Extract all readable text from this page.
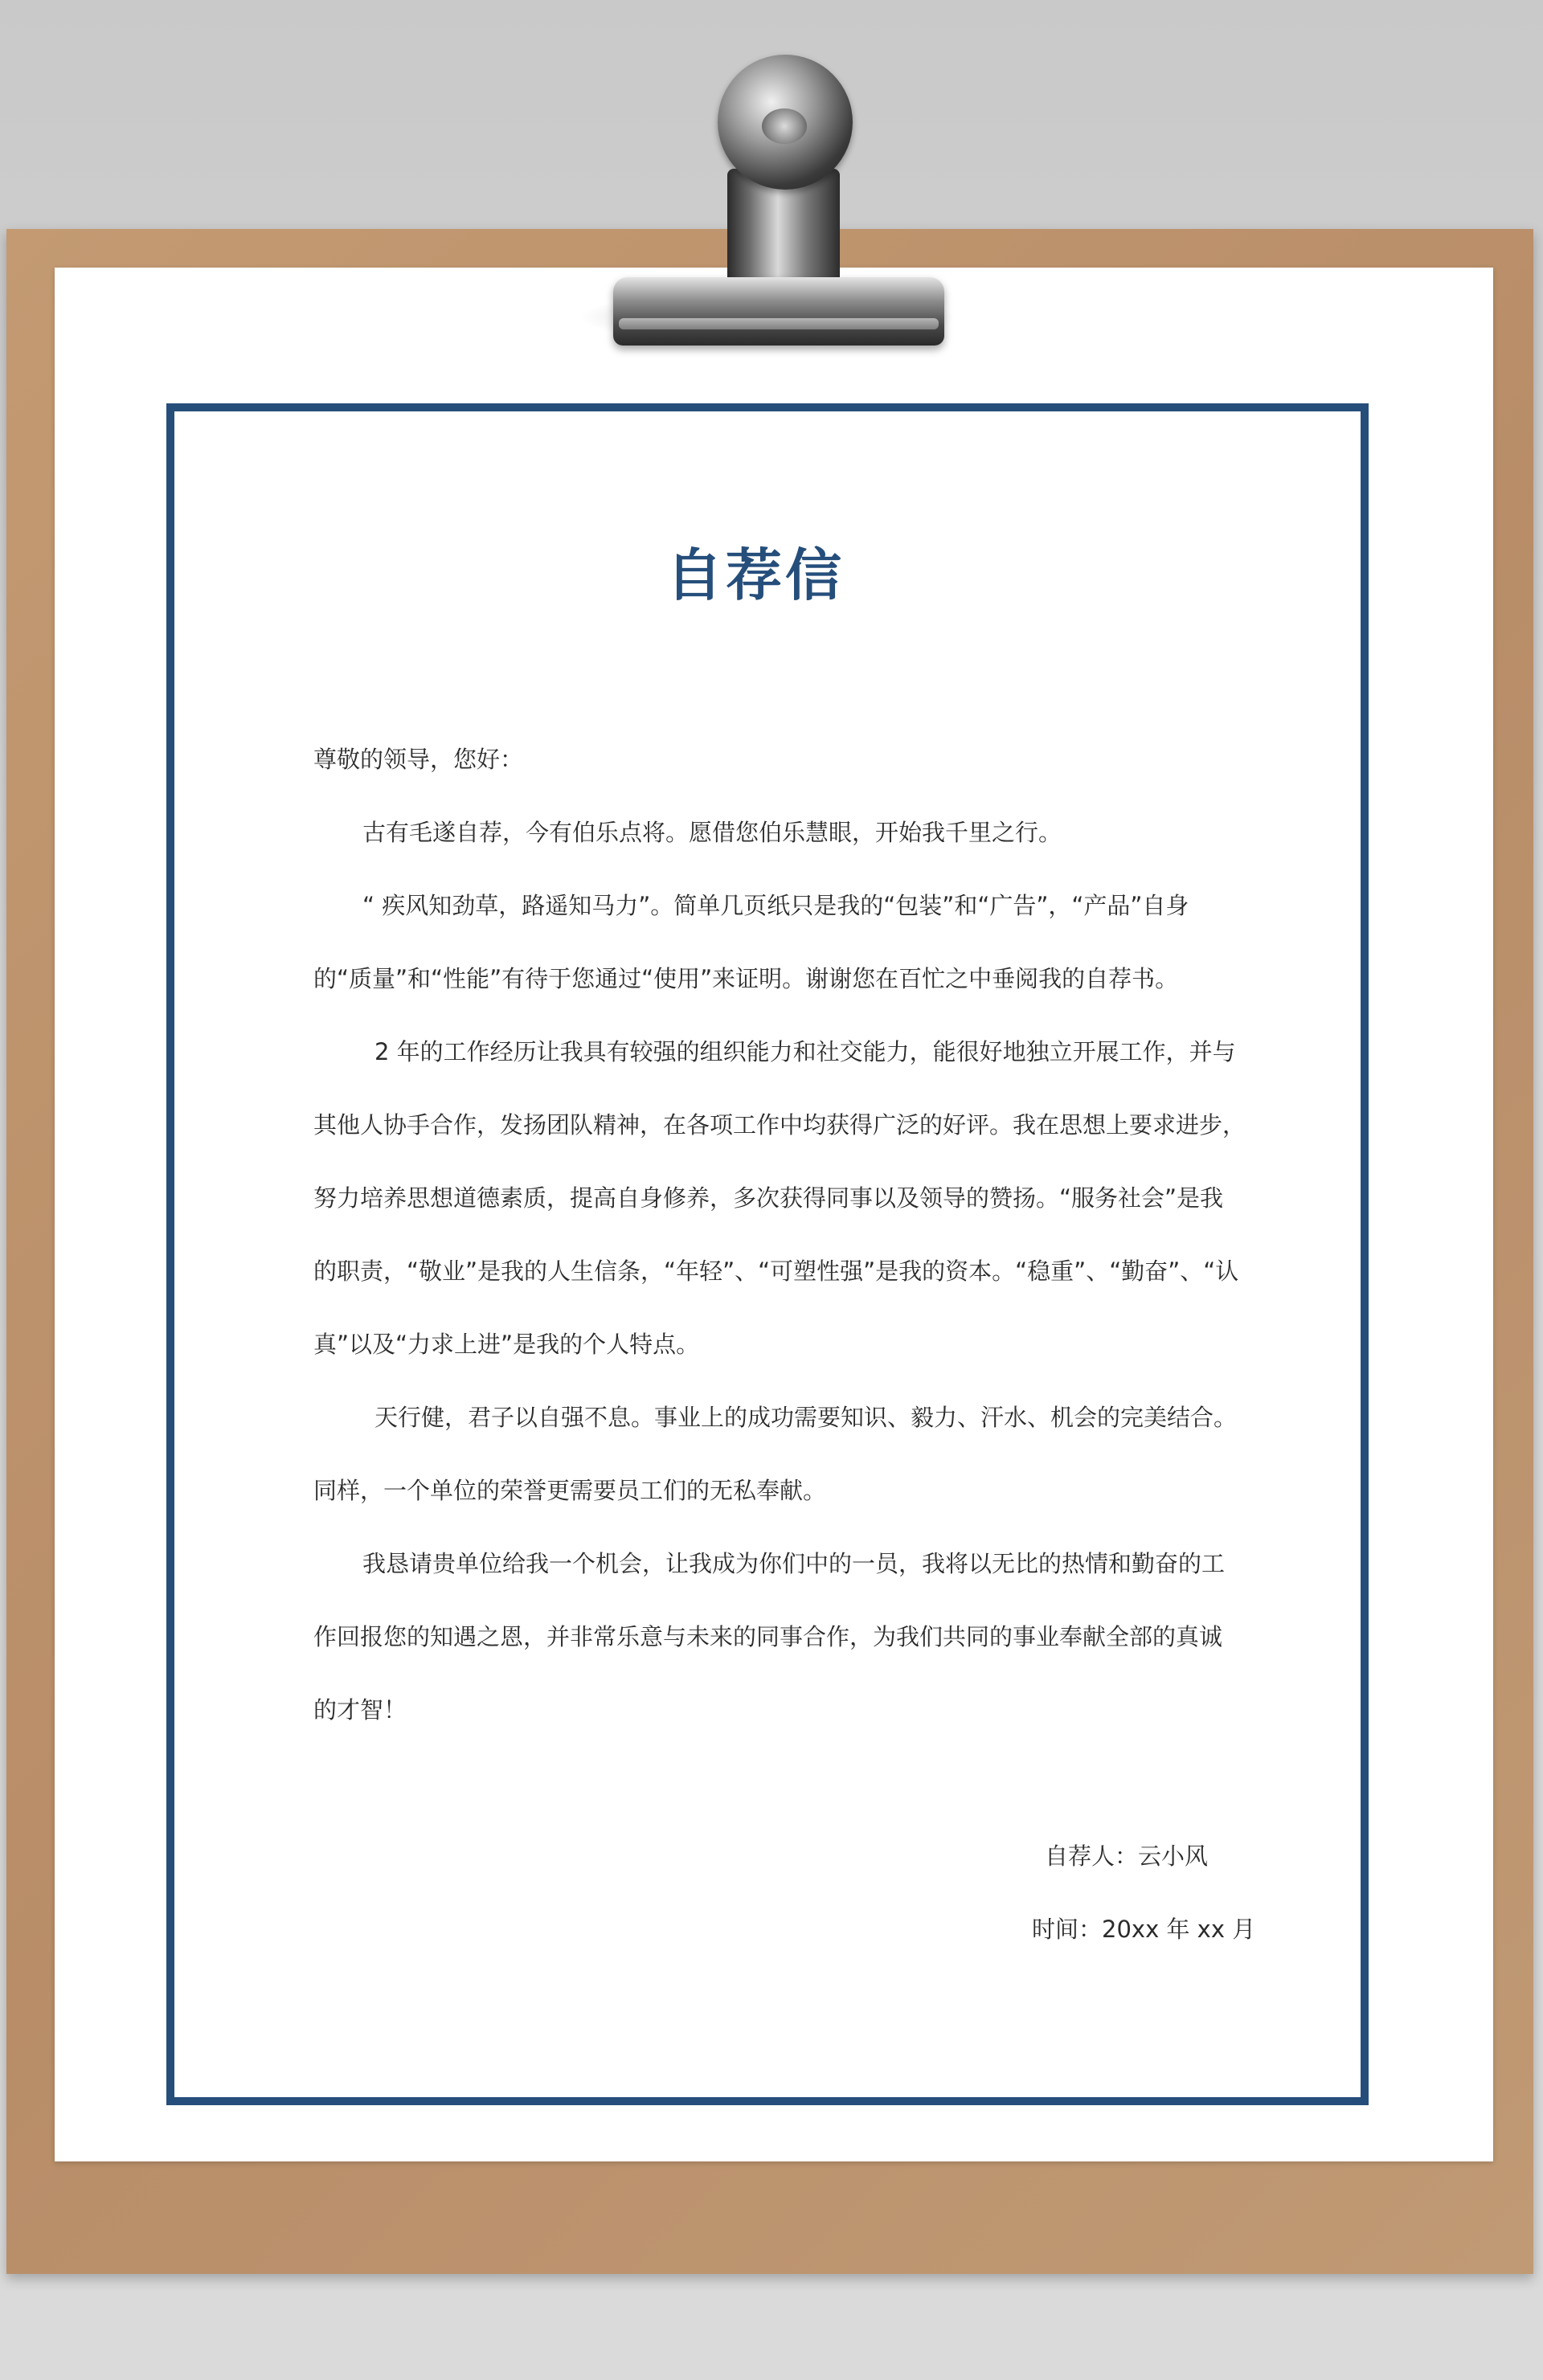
自荐信

尊敬的领导，您好：

古有毛遂自荐，今有伯乐点将。愿借您伯乐慧眼，开始我千里之行。

“ 疾风知劲草，路遥知马力”。简单几页纸只是我的“包装”和“广告”，“产品”自身

的“质量”和“性能”有待于您通过“使用”来证明。谢谢您在百忙之中垂阅我的自荐书。

2 年的工作经历让我具有较强的组织能力和社交能力，能很好地独立开展工作，并与

其他人协手合作，发扬团队精神，在各项工作中均获得广泛的好评。我在思想上要求进步，

努力培养思想道德素质，提高自身修养，多次获得同事以及领导的赞扬。“服务社会”是我

的职责，“敬业”是我的人生信条，“年轻”、“可塑性强”是我的资本。“稳重”、“勤奋”、“认

真”以及“力求上进”是我的个人特点。

天行健，君子以自强不息。事业上的成功需要知识、毅力、汗水、机会的完美结合。

同样，一个单位的荣誉更需要员工们的无私奉献。

我恳请贵单位给我一个机会，让我成为你们中的一员，我将以无比的热情和勤奋的工

作回报您的知遇之恩，并非常乐意与未来的同事合作，为我们共同的事业奉献全部的真诚

的才智！

自荐人：云小风
时间：20xx 年 xx 月
